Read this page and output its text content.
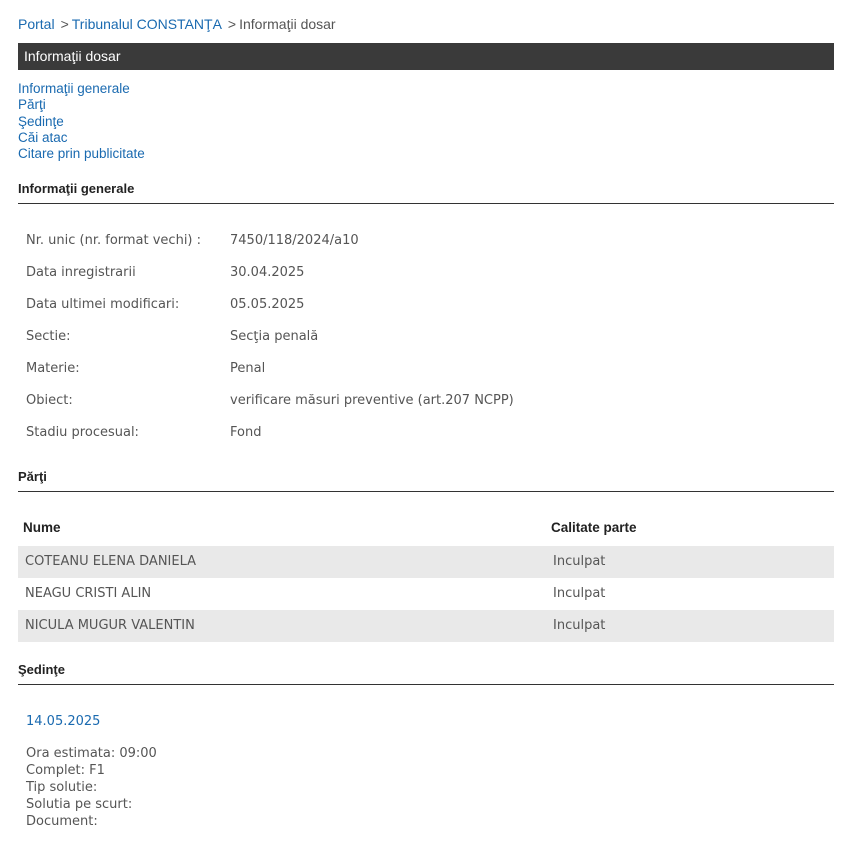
Portal > Tribunalul CONSTANŢA > Informaţii dosar
Informaţii dosar
Informaţii generale
Părţi
Şedinţe
Căi atac
Citare prin publicitate
Informaţii generale
Nr. unic (nr. format vechi) : 7450/118/2024/a10
Data inregistrarii	30.04.2025
Data ultimei modificari:	05.05.2025
Sectie:	Secţia penală
Materie:	Penal
Obiect:	verificare măsuri preventive (art.207 NCPP)
Stadiu procesual:	Fond
Părţi
Nume	Calitate parte
COTEANU ELENA DANIELA	Inculpat
NEAGU CRISTI ALIN	Inculpat
NICULA MUGUR VALENTIN	Inculpat
Şedinţe
14.05.2025
Ora estimata: 09:00
Complet: F1
Tip solutie:
Solutia pe scurt:
Document:
